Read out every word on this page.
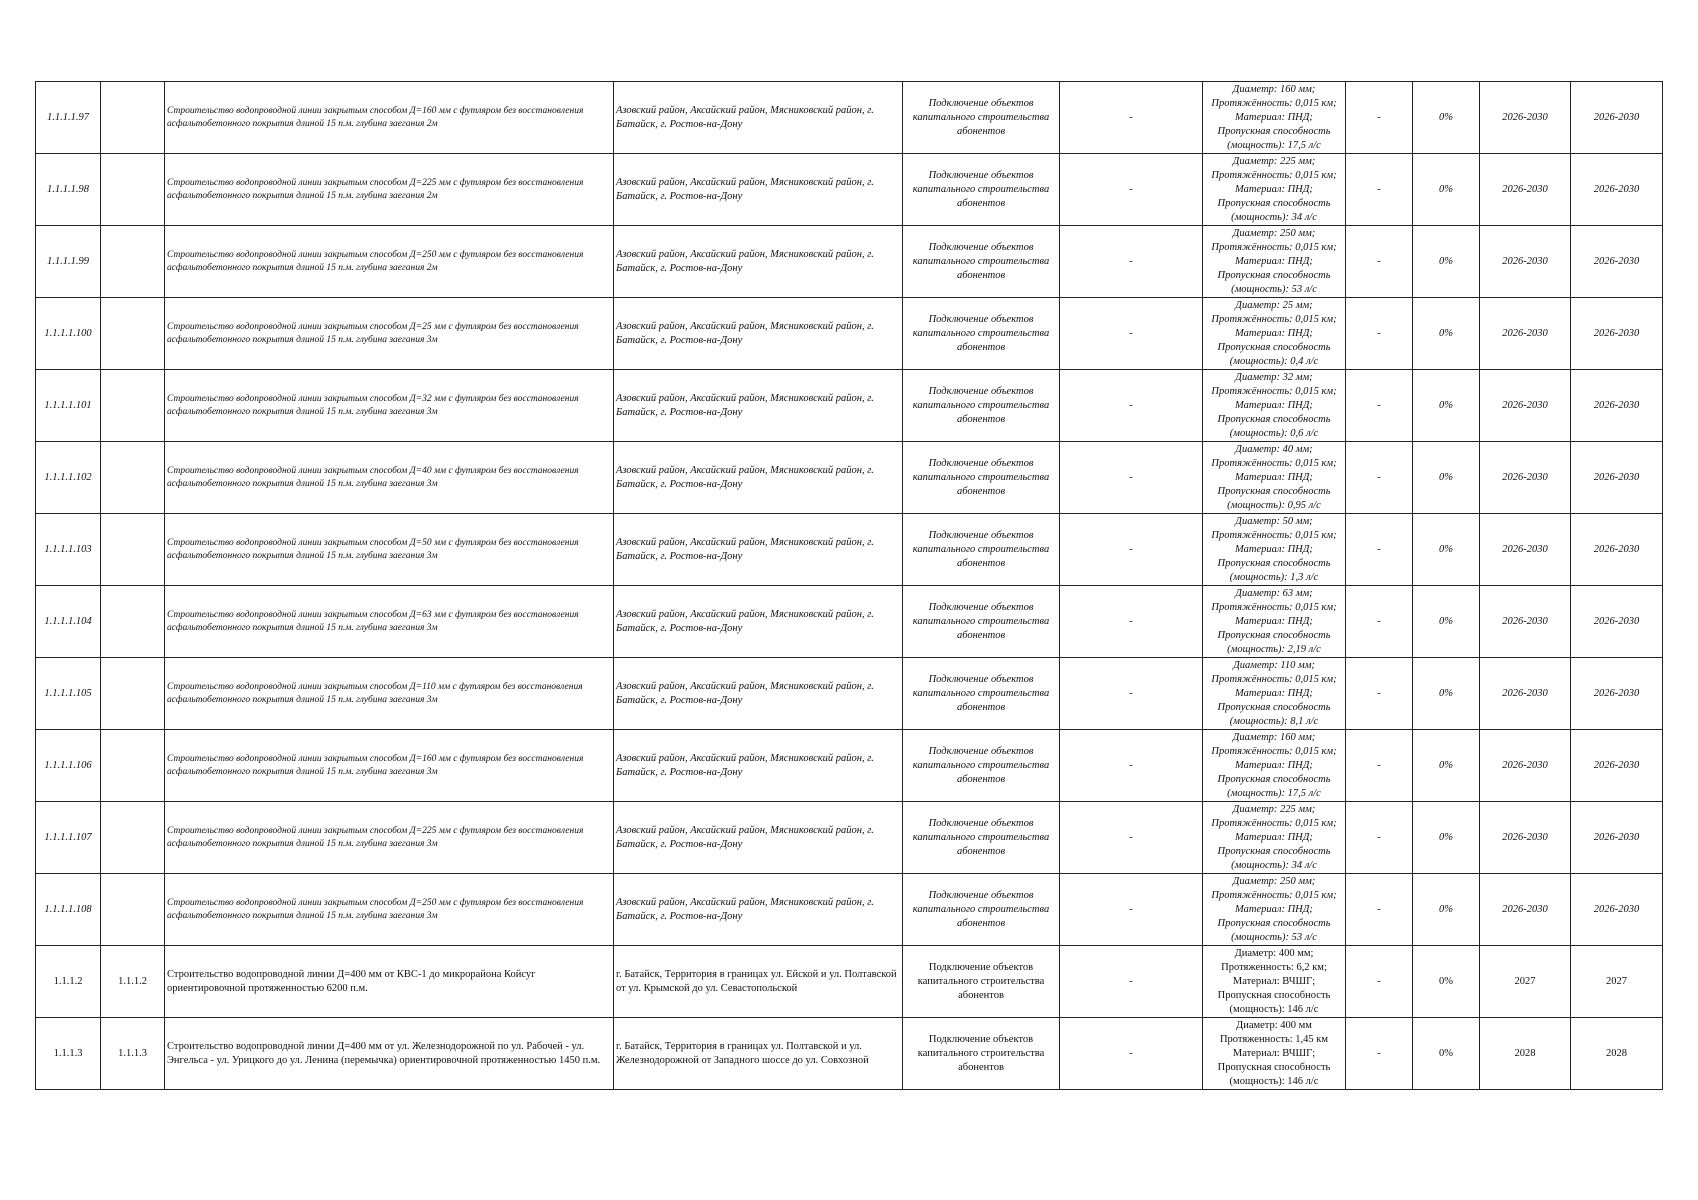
1.1.1.1.97		Строительство водопроводной линии закрытым способом Д=160 мм с футляром без восстановления асфальтобетонного покрытия длиной 15 п.м. глубина заегания 2м	Азовский район, Аксайский район, Мясниковский район, г. Батайск, г. Ростов-на-Дону	Подключение объектов капитального строительства абонентов	-	Диаметр: 160 мм;
Протяжённость: 0,015 км;
Материал: ПНД;
Пропускная способность
(мощность): 17,5 л/с	-	0%	2026-2030	2026-2030
1.1.1.1.98		Строительство водопроводной линии закрытым способом Д=225 мм с футляром без восстановления асфальтобетонного покрытия длиной 15 п.м. глубина заегания 2м	Азовский район, Аксайский район, Мясниковский район, г. Батайск, г. Ростов-на-Дону	Подключение объектов капитального строительства абонентов	-	Диаметр: 225 мм;
Протяжённость: 0,015 км;
Материал: ПНД;
Пропускная способность
(мощность): 34 л/с	-	0%	2026-2030	2026-2030
1.1.1.1.99		Строительство водопроводной линии закрытым способом Д=250 мм с футляром без восстановления асфальтобетонного покрытия длиной 15 п.м. глубина заегания 2м	Азовский район, Аксайский район, Мясниковский район, г. Батайск, г. Ростов-на-Дону	Подключение объектов капитального строительства абонентов	-	Диаметр: 250 мм;
Протяжённость: 0,015 км;
Материал: ПНД;
Пропускная способность
(мощность): 53 л/с	-	0%	2026-2030	2026-2030
1.1.1.1.100		Строительство водопроводной линии закрытым способом Д=25 мм с футляром без восстановления асфальтобетонного покрытия длиной 15 п.м. глубина заегания 3м	Азовский район, Аксайский район, Мясниковский район, г. Батайск, г. Ростов-на-Дону	Подключение объектов капитального строительства абонентов	-	Диаметр: 25 мм;
Протяжённость: 0,015 км;
Материал: ПНД;
Пропускная способность
(мощность): 0,4 л/с	-	0%	2026-2030	2026-2030
1.1.1.1.101		Строительство водопроводной линии закрытым способом Д=32 мм с футляром без восстановления асфальтобетонного покрытия длиной 15 п.м. глубина заегания 3м	Азовский район, Аксайский район, Мясниковский район, г. Батайск, г. Ростов-на-Дону	Подключение объектов капитального строительства абонентов	-	Диаметр: 32 мм;
Протяжённость: 0,015 км;
Материал: ПНД;
Пропускная способность
(мощность): 0,6 л/с	-	0%	2026-2030	2026-2030
1.1.1.1.102		Строительство водопроводной линии закрытым способом Д=40 мм с футляром без восстановления асфальтобетонного покрытия длиной 15 п.м. глубина заегания 3м	Азовский район, Аксайский район, Мясниковский район, г. Батайск, г. Ростов-на-Дону	Подключение объектов капитального строительства абонентов	-	Диаметр: 40 мм;
Протяжённость: 0,015 км;
Материал: ПНД;
Пропускная способность
(мощность): 0,95 л/с	-	0%	2026-2030	2026-2030
1.1.1.1.103		Строительство водопроводной линии закрытым способом Д=50 мм с футляром без восстановления асфальтобетонного покрытия длиной 15 п.м. глубина заегания 3м	Азовский район, Аксайский район, Мясниковский район, г. Батайск, г. Ростов-на-Дону	Подключение объектов капитального строительства абонентов	-	Диаметр: 50 мм;
Протяжённость: 0,015 км;
Материал: ПНД;
Пропускная способность
(мощность): 1,3 л/с	-	0%	2026-2030	2026-2030
1.1.1.1.104		Строительство водопроводной линии закрытым способом Д=63 мм с футляром без восстановления асфальтобетонного покрытия длиной 15 п.м. глубина заегания 3м	Азовский район, Аксайский район, Мясниковский район, г. Батайск, г. Ростов-на-Дону	Подключение объектов капитального строительства абонентов	-	Диаметр: 63 мм;
Протяжённость: 0,015 км;
Материал: ПНД;
Пропускная способность
(мощность): 2,19 л/с	-	0%	2026-2030	2026-2030
1.1.1.1.105		Строительство водопроводной линии закрытым способом Д=110 мм с футляром без восстановления асфальтобетонного покрытия длиной 15 п.м. глубина заегания 3м	Азовский район, Аксайский район, Мясниковский район, г. Батайск, г. Ростов-на-Дону	Подключение объектов капитального строительства абонентов	-	Диаметр: 110 мм;
Протяжённость: 0,015 км;
Материал: ПНД;
Пропускная способность
(мощность): 8,1 л/с	-	0%	2026-2030	2026-2030
1.1.1.1.106		Строительство водопроводной линии закрытым способом Д=160 мм с футляром без восстановления асфальтобетонного покрытия длиной 15 п.м. глубина заегания 3м	Азовский район, Аксайский район, Мясниковский район, г. Батайск, г. Ростов-на-Дону	Подключение объектов капитального строительства абонентов	-	Диаметр: 160 мм;
Протяжённость: 0,015 км;
Материал: ПНД;
Пропускная способность
(мощность): 17,5 л/с	-	0%	2026-2030	2026-2030
1.1.1.1.107		Строительство водопроводной линии закрытым способом Д=225 мм с футляром без восстановления асфальтобетонного покрытия длиной 15 п.м. глубина заегания 3м	Азовский район, Аксайский район, Мясниковский район, г. Батайск, г. Ростов-на-Дону	Подключение объектов капитального строительства абонентов	-	Диаметр: 225 мм;
Протяжённость: 0,015 км;
Материал: ПНД;
Пропускная способность
(мощность): 34 л/с	-	0%	2026-2030	2026-2030
1.1.1.1.108		Строительство водопроводной линии закрытым способом Д=250 мм с футляром без восстановления асфальтобетонного покрытия длиной 15 п.м. глубина заегания 3м	Азовский район, Аксайский район, Мясниковский район, г. Батайск, г. Ростов-на-Дону	Подключение объектов капитального строительства абонентов	-	Диаметр: 250 мм;
Протяжённость: 0,015 км;
Материал: ПНД;
Пропускная способность
(мощность): 53 л/с	-	0%	2026-2030	2026-2030
1.1.1.2	1.1.1.2	Строительство водопроводной линии Д=400 мм от КВС-1 до микрорайона Койсуг ориентировочной протяженностью 6200 п.м.	г. Батайск, Территория в границах ул. Ейской и ул. Полтавской от ул. Крымской до ул. Севастопольской	Подключение объектов капитального строительства абонентов	-	Диаметр: 400 мм;
Протяженность: 6,2 км;
Материал: ВЧШГ;
Пропускная способность
(мощность): 146 л/с	-	0%	2027	2027
1.1.1.3	1.1.1.3	Строительство водопроводной линии Д=400 мм от ул. Железнодорожной по ул. Рабочей - ул. Энгельса - ул. Урицкого до ул. Ленина (перемычка) ориентировочной протяженностью 1450 п.м.	г. Батайск, Территория в границах ул. Полтавской и ул. Железнодорожной от Западного шоссе до ул. Совхозной	Подключение объектов капитального строительства абонентов	-	Диаметр: 400 мм
Протяженность: 1,45 км
Материал: ВЧШГ;
Пропускная способность
(мощность): 146 л/с	-	0%	2028	2028
